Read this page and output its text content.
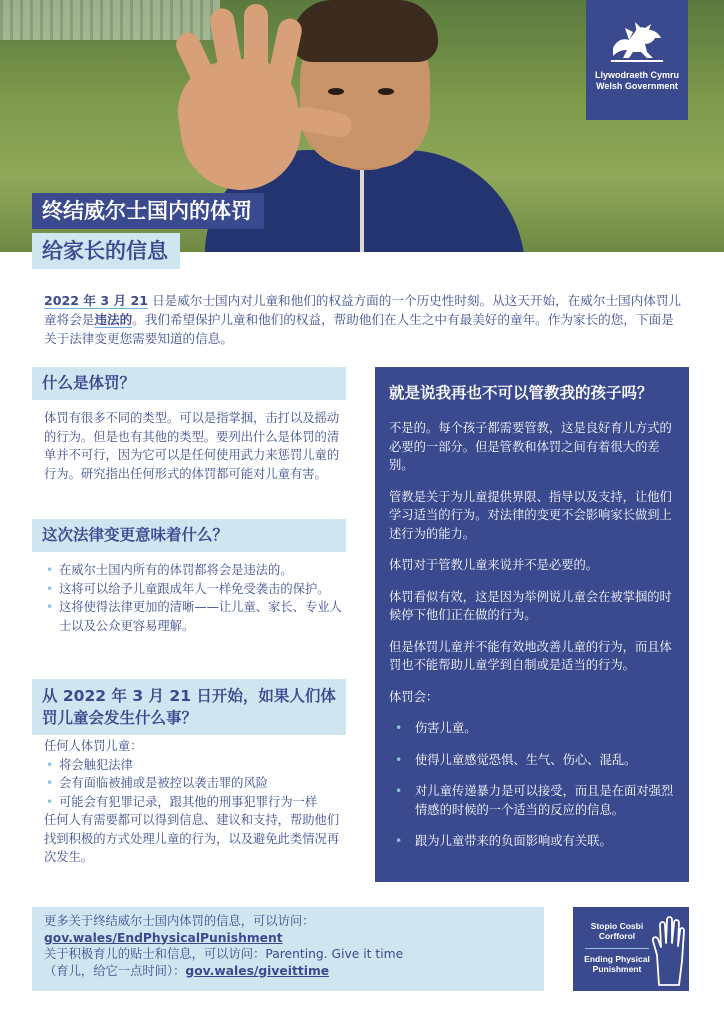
Llywodraeth Cymru
Welsh Government
终结威尔士国内的体罚
给家长的信息

2022 年 3 月 21 日是威尔士国内对儿童和他们的权益方面的一个历史性时刻。从这天开始，在威尔士国内体罚儿童将会是违法的。我们希望保护儿童和他们的权益，帮助他们在人生之中有最美好的童年。作为家长的您，下面是关于法律变更您需要知道的信息。

什么是体罚？

体罚有很多不同的类型。可以是指掌掴，击打以及摇动的行为。但是也有其他的类型。要列出什么是体罚的清单并不可行，因为它可以是任何使用武力来惩罚儿童的行为。研究指出任何形式的体罚都可能对儿童有害。

这次法律变更意味着什么？
• 在威尔士国内所有的体罚都将会是违法的。
• 这将可以给予儿童跟成年人一样免受袭击的保护。
• 这将使得法律更加的清晰——让儿童、家长、专业人士以及公众更容易理解。
从 2022 年 3 月 21 日开始，如果人们体罚儿童会发生什么事？

任何人体罚儿童：

• 将会触犯法律
• 会有面临被捕或是被控以袭击罪的风险
• 可能会有犯罪记录，跟其他的刑事犯罪行为一样

任何人有需要都可以得到信息、建议和支持，帮助他们找到积极的方式处理儿童的行为，以及避免此类情况再次发生。

就是说我再也不可以管教我的孩子吗？

不是的。每个孩子都需要管教，这是良好育儿方式的必要的一部分。但是管教和体罚之间有着很大的差别。

管教是关于为儿童提供界限、指导以及支持，让他们学习适当的行为。对法律的变更不会影响家长做到上述行为的能力。

体罚对于管教儿童来说并不是必要的。

体罚看似有效，这是因为举例说儿童会在被掌掴的时候停下他们正在做的行为。

但是体罚儿童并不能有效地改善儿童的行为，而且体罚也不能帮助儿童学到自制或是适当的行为。

体罚会：

• 伤害儿童。
• 使得儿童感觉恐惧、生气、伤心、混乱。
• 对儿童传递暴力是可以接受，而且是在面对强烈情感的时候的一个适当的反应的信息。
• 跟为儿童带来的负面影响或有关联。
更多关于终结威尔士国内体罚的信息，可以访问：
gov.wales/EndPhysicalPunishment
关于积极育儿的贴士和信息，可以访问：Parenting. Give it time
（育儿，给它一点时间）：gov.wales/giveittime
Stopio Cosbi
Corfforol
Ending Physical
Punishment
